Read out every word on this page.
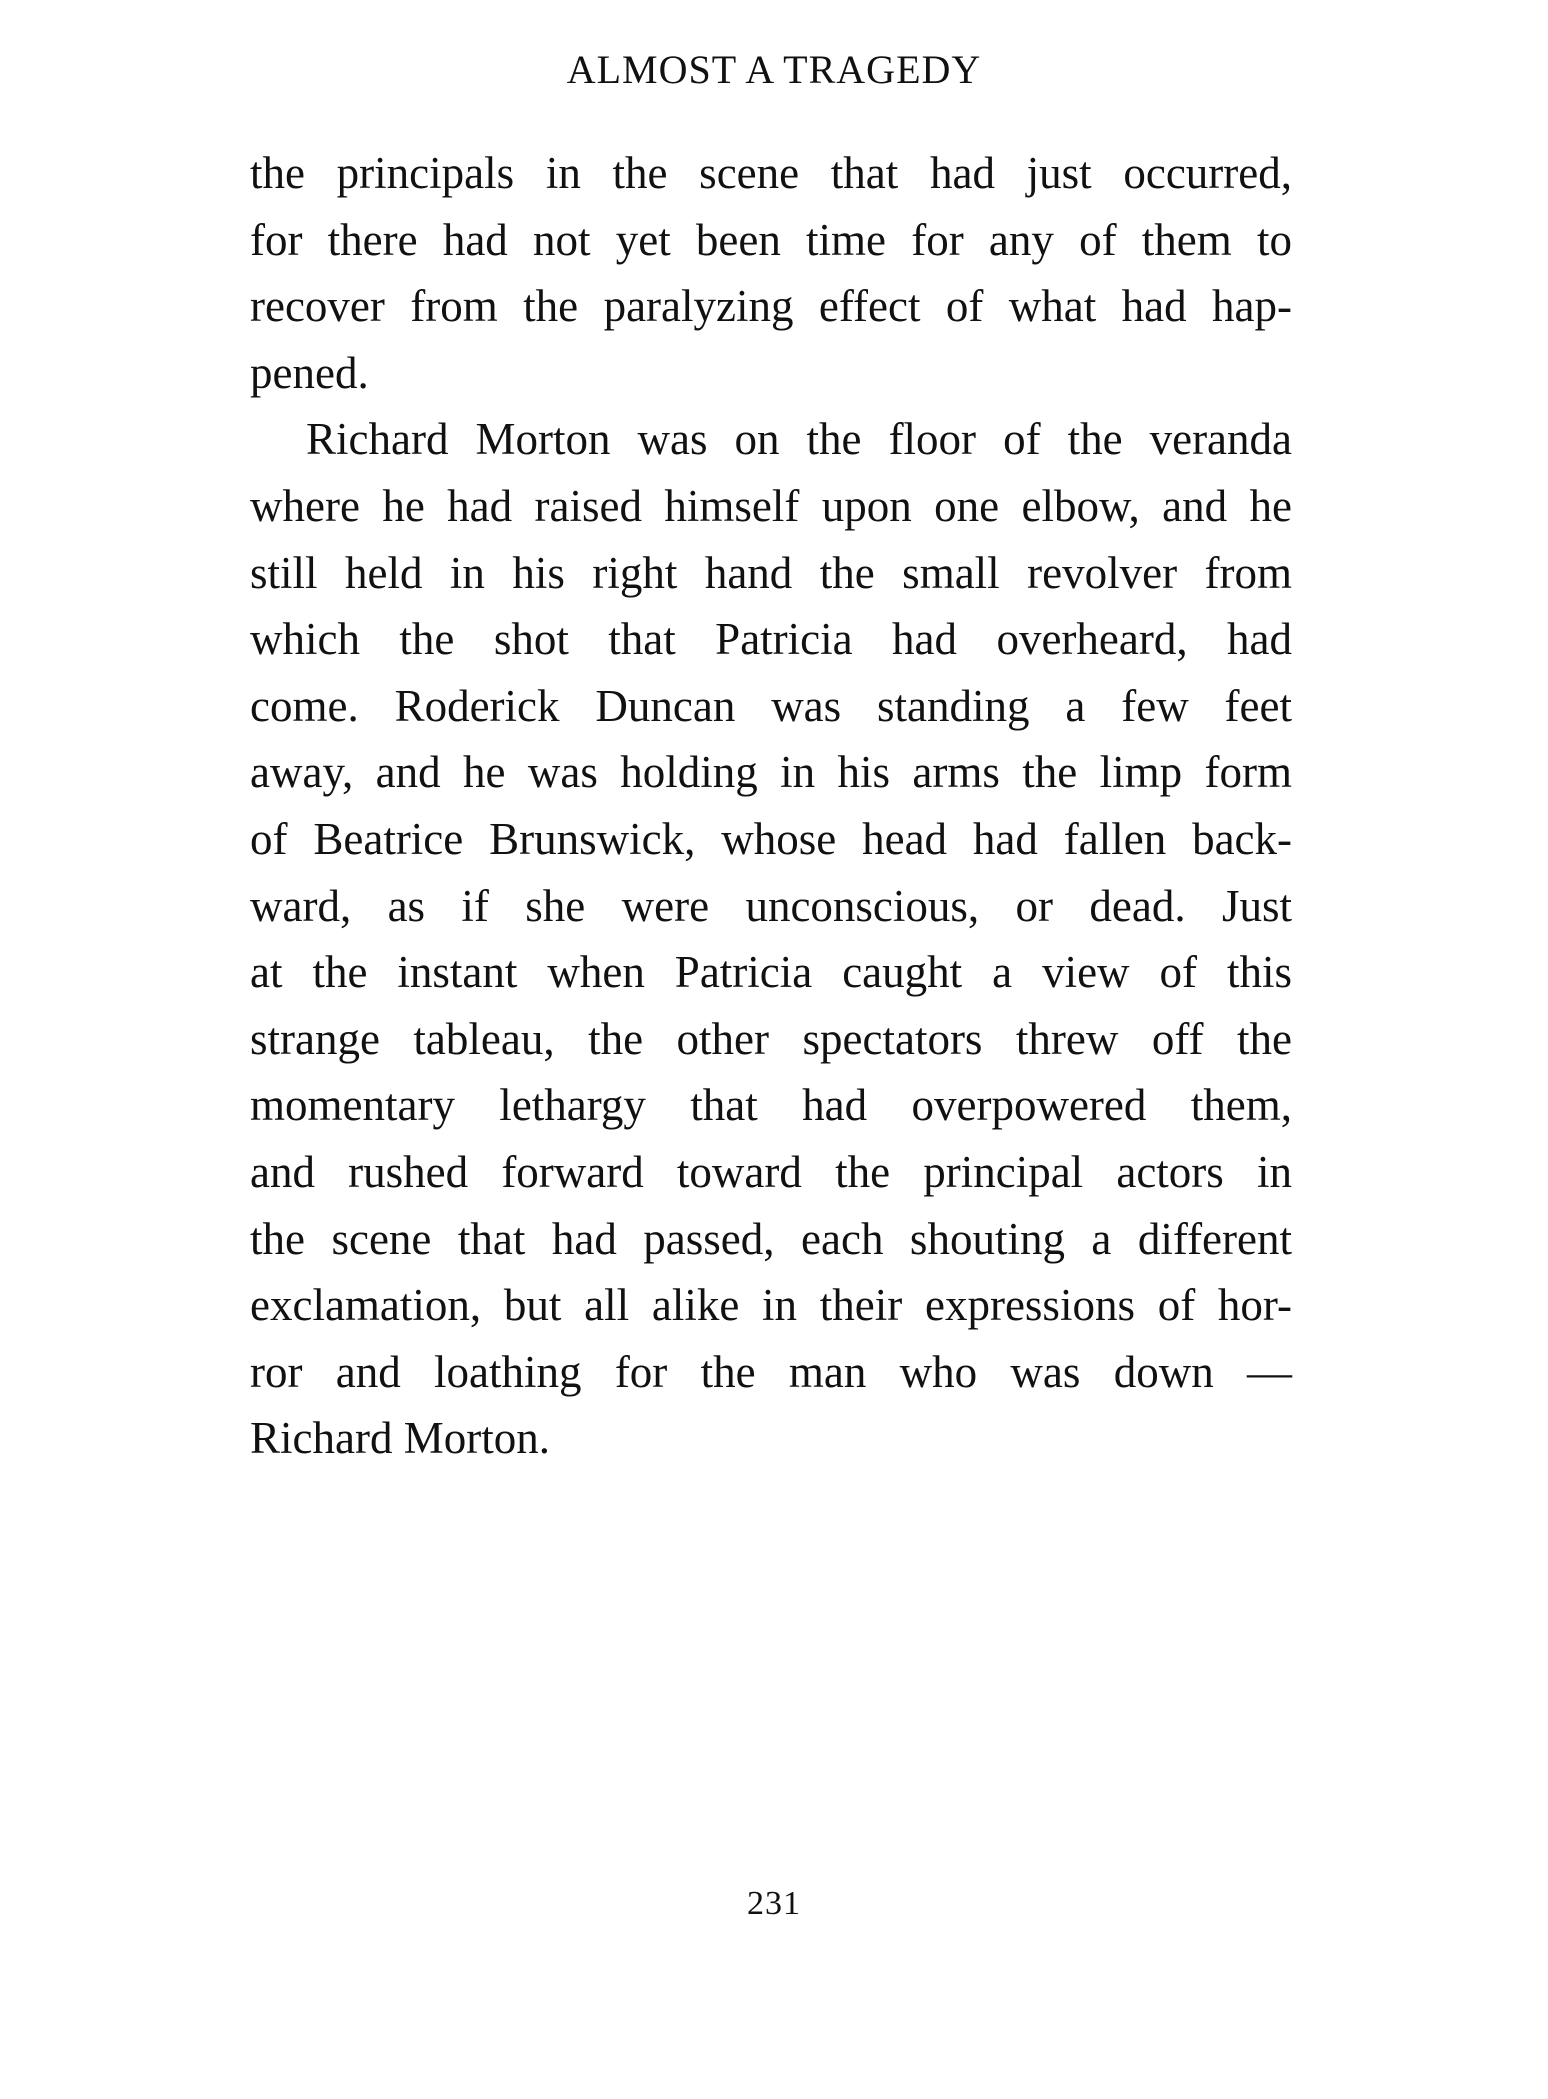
ALMOST A TRAGEDY
the principals in the scene that had just occurred,
for there had not yet been time for any of them to
recover from the paralyzing effect of what had hap-
pened.
Richard Morton was on the floor of the veranda
where he had raised himself upon one elbow, and he
still held in his right hand the small revolver from
which the shot that Patricia had overheard, had
come. Roderick Duncan was standing a few feet
away, and he was holding in his arms the limp form
of Beatrice Brunswick, whose head had fallen back-
ward, as if she were unconscious, or dead. Just
at the instant when Patricia caught a view of this
strange tableau, the other spectators threw off the
momentary lethargy that had overpowered them,
and rushed forward toward the principal actors in
the scene that had passed, each shouting a different
exclamation, but all alike in their expressions of hor-
ror and loathing for the man who was down —
Richard Morton.
231
